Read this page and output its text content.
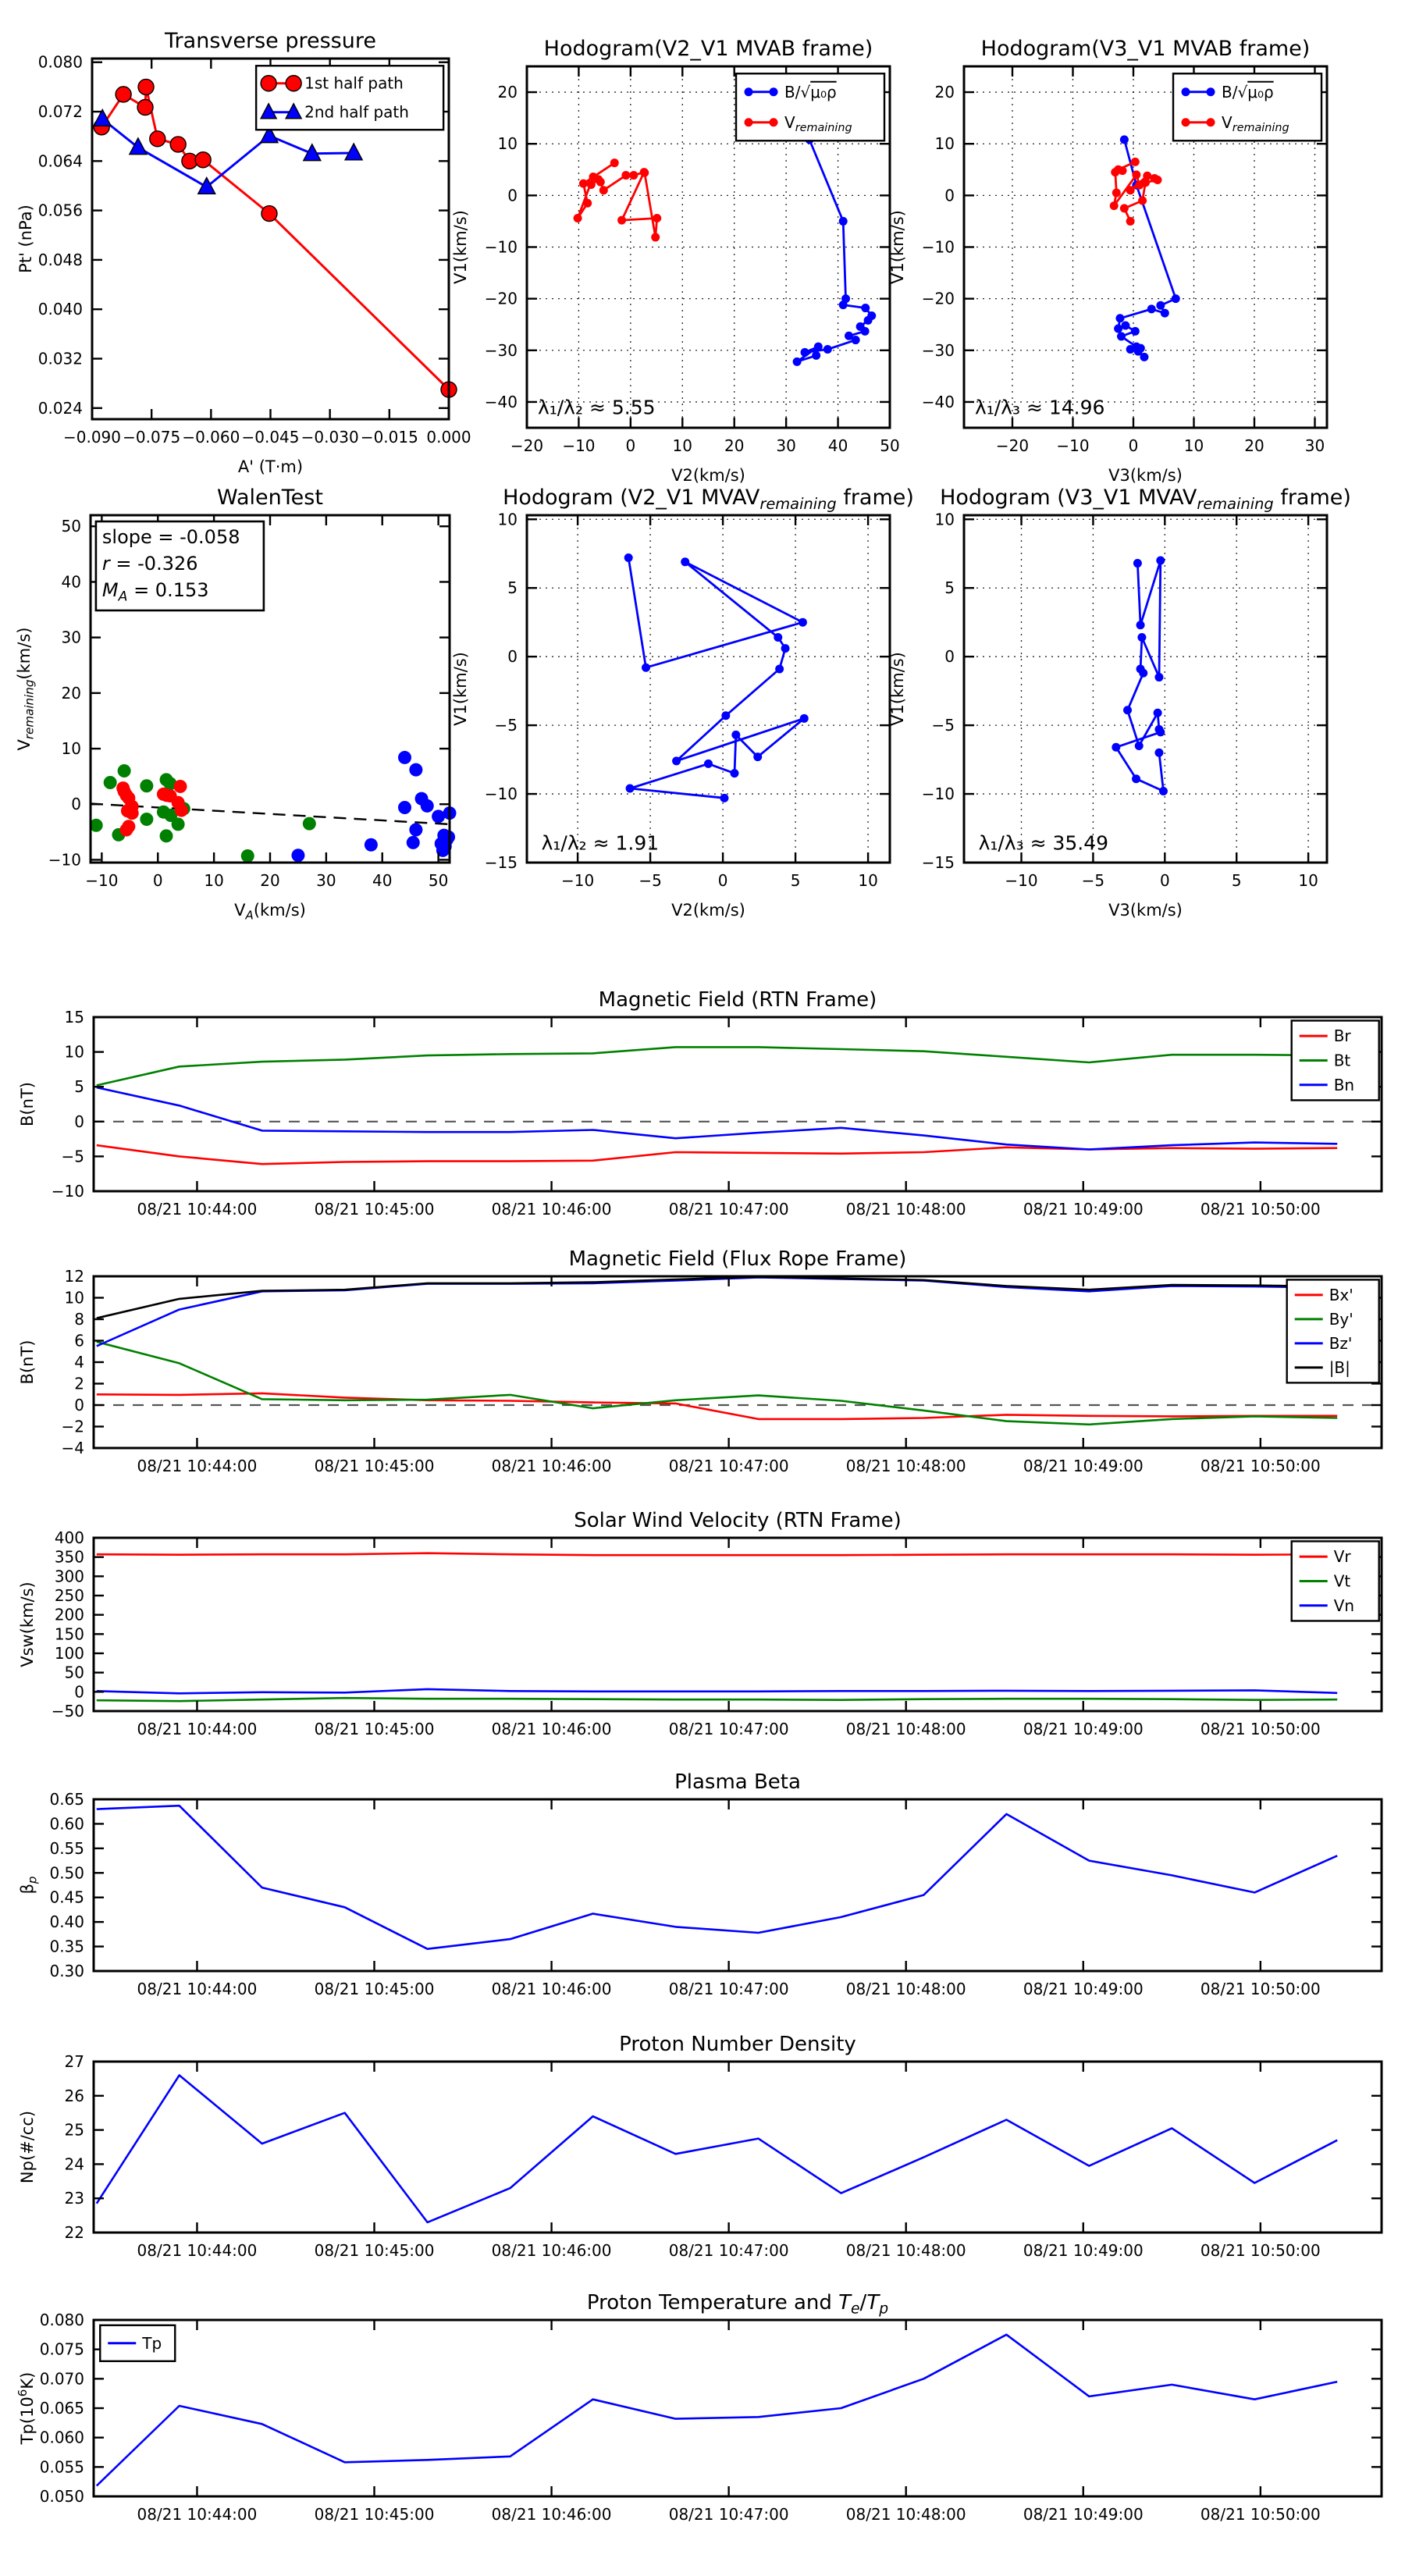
−0.090 −0.075 −0.060 −0.045 −0.030 −0.015 0.000
0.024
0.032
0.040
0.048
0.056
0.064
0.072
0.080
Transverse pressure
A' (T·m)
Pt' (nPa)
1st half path
2nd half path
−20 −10 0 10 20 30 40 50
−40
−30
−20
−10
0
10
20
Hodogram(V2_V1 MVAB frame)
V2(km/s)
V1(km/s)
B/√μ₀ρ
$V_{remaining}$
λ₁/λ₂ ≈ 5.55
−20 −10	0	10	20	30
−40
−30
−20
−10
0
10
20
Hodogram(V3_V1 MVAB frame)
V3(km/s)
V1(km/s)
B/√μ₀ρ
$V_{remaining}$
λ₁/λ₃ ≈ 14.96
−10 0	10 20 30 40 50
−10
0
10
20
30
40
50
WalenTest
$V_A(km/s)$
$V_{remaining}(km/s)$
slope = -0.058
r = -0.326
$M_A = 0.153$
−10	−5	0	5	10
−15
−10
−5
0
5
10
Hodogram (V2_V1 $MVAV_{remaining}$ frame)
V2(km/s)
V1(km/s)
λ₁/λ₂ ≈ 1.91
−10	−5	0	5	10
−15
−10
−5
0
5
10
Hodogram (V3_V1 $MVAV_{remaining}$ frame)
V3(km/s)
V1(km/s)
λ₁/λ₃ ≈ 35.49
08/21 10:44:00	08/21 10:45:00	08/21 10:46:00	08/21 10:47:00	08/21 10:48:00	08/21 10:49:00	08/21 10:50:00
−10
−5
0
5
10
15
Magnetic Field (RTN Frame)
B(nT)
Br
Bt
Bn
08/21 10:44:00	08/21 10:45:00	08/21 10:46:00	08/21 10:47:00	08/21 10:48:00	08/21 10:49:00	08/21 10:50:00
−4
−2
0
2
4
6
8
10
12
Magnetic Field (Flux Rope Frame)
B(nT)
Bx'
By'
Bz'
|B|
08/21 10:44:00	08/21 10:45:00	08/21 10:46:00	08/21 10:47:00	08/21 10:48:00	08/21 10:49:00	08/21 10:50:00
−50
0
50
100
150
200
250
300
350
400
Solar Wind Velocity (RTN Frame)
Vsw(km/s)
Vr
Vt
Vn
08/21 10:44:00	08/21 10:45:00	08/21 10:46:00	08/21 10:47:00	08/21 10:48:00	08/21 10:49:00	08/21 10:50:00
0.30
0.35
0.40
0.45
0.50
0.55
0.60
0.65
Plasma Beta
$\beta_p$
08/21 10:44:00	08/21 10:45:00	08/21 10:46:00	08/21 10:47:00	08/21 10:48:00	08/21 10:49:00	08/21 10:50:00
22
23
24
25
26
27
Proton Number Density
Np(#/cc)
08/21 10:44:00	08/21 10:45:00	08/21 10:46:00	08/21 10:47:00	08/21 10:48:00	08/21 10:49:00	08/21 10:50:00
0.050
0.055
0.060
0.065
0.070
0.075
0.080
Proton Temperature and $T_e/T_p$
$Tp(10^6K)$
Tp
